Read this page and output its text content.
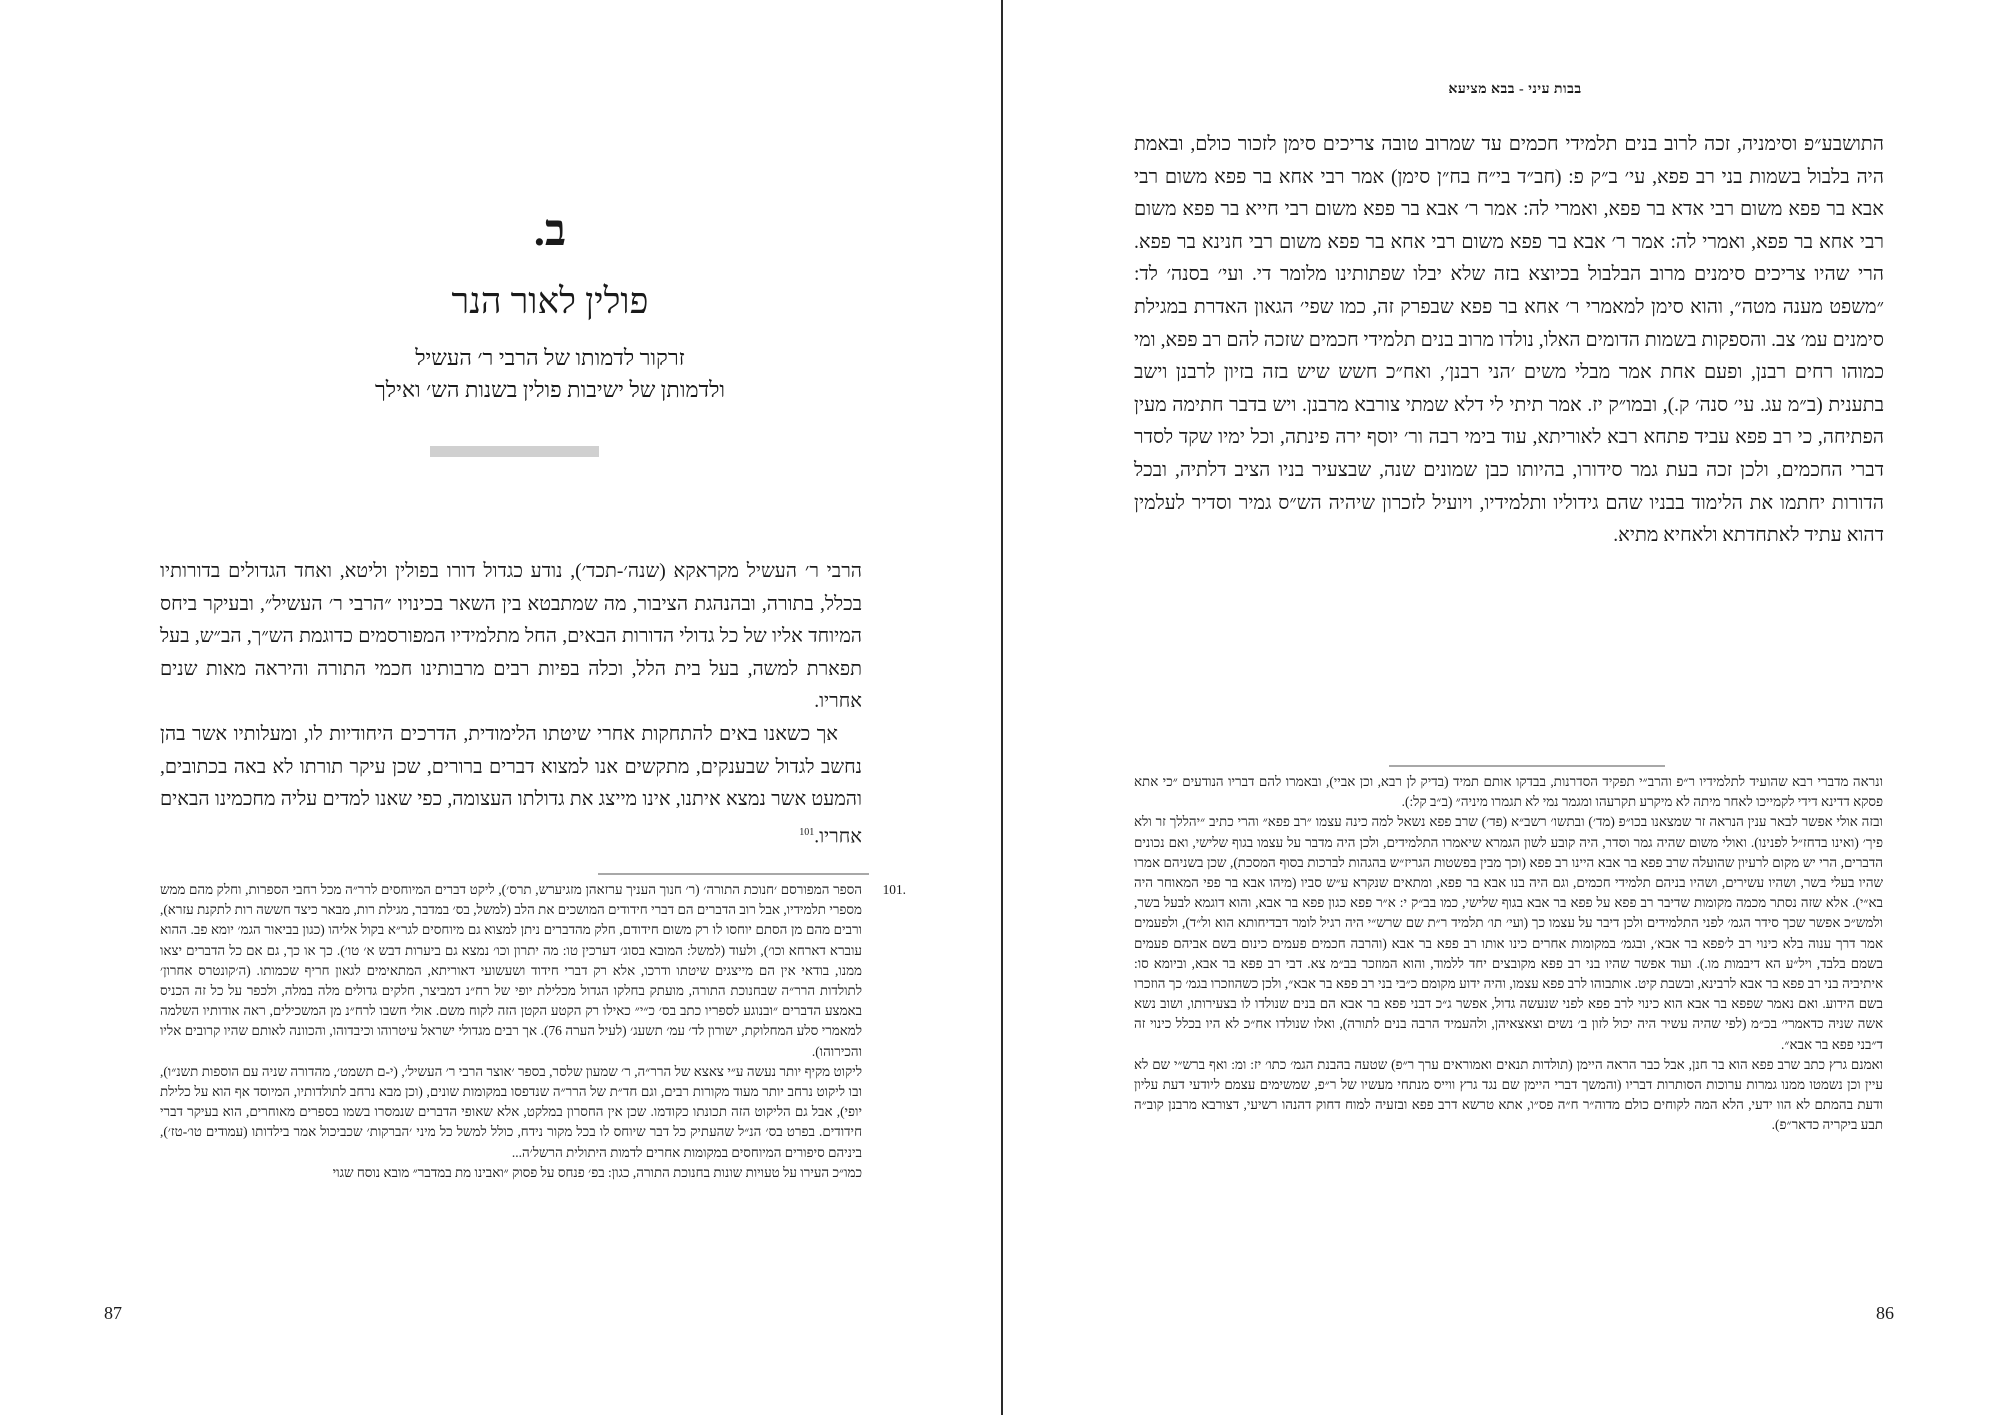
ב.
פולין לאור הנר
זרקור לדמותו של הרבי ר׳ העשיל
ולדמותן של ישיבות פולין בשנות הש׳ ואילך

הרבי ר׳ העשיל מקראקא (שנה׳-תכד׳), נודע כגדול דורו בפולין וליטא, ואחד הגדולים בדורותיו בכלל, בתורה, ובהנהגת הציבור, מה שמתבטא בין השאר בכינויו ״הרבי ר׳ העשיל״, ובעיקר ביחס המיוחד אליו של כל גדולי הדורות הבאים, החל מתלמידיו המפורסמים כדוגמת הש״ך, הב״ש, בעל תפארת למשה, בעל בית הלל, וכלה בפיות רבים מרבותינו חכמי התורה והיראה מאות שנים אחריו.

אך כשאנו באים להתחקות אחרי שיטתו הלימודית, הדרכים היחודיות לו, ומעלותיו אשר בהן נחשב לגדול שבענקים, מתקשים אנו למצוא דברים ברורים, שכן עיקר תורתו לא באה בכתובים, והמעט אשר נמצא איתנו, אינו מייצג את גדולתו העצומה, כפי שאנו למדים עליה מחכמינו הבאים אחריו.$^{101}$

101.

הספר המפורסם ׳חנוכת התורה׳ (ר׳ חנוך העניך ערזאהן מזגיערש, תרס׳), ליקט דברים המיוחסים לרר״ה מכל רחבי הספרות, וחלק מהם ממש מספרי תלמידיו, אבל רוב הדברים הם דברי חידודים המושכים את הלב (למשל, בס׳ במדבר, מגילת רות, מבאר כיצד חששה רות לתקנת עזרא), ורבים מהם מן הסתם יוחסו לו רק משום חידודם, חלק מהדברים ניתן למצוא גם מיוחסים לגר״א בקול אליהו (כגון בביאור הגמ׳ יומא פב. ההוא עוברא דארחא וכו׳), ולעוד (למשל: המובא בסוג׳ דערכין טו: מה יתרון וכו׳ נמצא גם ביערות דבש א׳ טו׳). כך או כך, גם אם כל הדברים יצאו ממנו, בודאי אין הם מייצגים שיטתו ודרכו, אלא רק דברי חידוד ושעשועי דאוריתא, המתאימים לגאון חריף שכמותו. (ה׳קונטרס אחרון׳ לתולדות הרר״ה שבחנוכת התורה, מועתק בחלקו הגדול מכלילת יופי של רח״נ דמביצר, חלקים גדולים מלה במלה, ולכפר על כל זה הכניס באמצע הדברים ״ובנוגע לספריו כתב בס׳ כ״י״ כאילו רק הקטע הקטן הזה לקוח משם. אולי חשבו לרח״נ מן המשכילים, ראה אודותיו השלמה למאמרי סלע המחלוקת, ישורון לד׳ עמ׳ תשעג׳ (לעיל הערה 76). אך רבים מגדולי ישראל עיטרוהו וכיבדוהו, והכוונה לאותם שהיו קרובים אליו והכירוהו).

ליקוט מקיף יותר נעשה ע״י צאצא של הרר״ה, ר׳ שמעון שלסר, בספר ׳אוצר הרבי ר׳ העשיל׳, (י-ם תשמט׳, מהדורה שניה עם הוספות תשנ״ו), ובו ליקוט נרחב יותר מעוד מקורות רבים, וגם חד״ת של הרר״ה שנדפסו במקומות שונים, (וכן מבא נרחב לתולדותיו, המיוסד אף הוא על כלילת יופי), אבל גם הליקוט הזה תכונתו כקודמו. שכן אין החסרון במלקט, אלא שאופי הדברים שנמסרו בשמו בספרים מאוחרים, הוא בעיקר דברי חידודים. בפרט בס׳ הנ״ל שהעתיק כל דבר שיוחס לו בכל מקור נידח, כולל למשל כל מיני ׳הברקות׳ שכביכול אמר בילדותו (עמודים טו׳-טז׳), ביניהם סיפורים המיוחסים במקומות אחרים לדמות היתולית הרשל׳ה...

כמו״כ העירו על טעויות שונות בחנוכת התורה, כגון: בפ׳ פנחס על פסוק ״ואבינו מת במדבר״ מובא נוסח שגוי

87
בבות עיני - בבא מציעא

התושבע״פ וסימניה, זכה לרוב בנים תלמידי חכמים עד שמרוב טובה צריכים סימן לזכור כולם, ובאמת היה בלבול בשמות בני רב פפא, עי׳ ב״ק פ: (חב״ד בי״ח בח״ן סימן) אמר רבי אחא בר פפא משום רבי אבא בר פפא משום רבי אדא בר פפא, ואמרי לה: אמר ר׳ אבא בר פפא משום רבי חייא בר פפא משום רבי אחא בר פפא, ואמרי לה: אמר ר׳ אבא בר פפא משום רבי אחא בר פפא משום רבי חנינא בר פפא. הרי שהיו צריכים סימנים מרוב הבלבול בכיוצא בזה שלא יבלו שפתותינו מלומר די. ועי׳ בסנה׳ לד: ״משפט מענה מטה״, והוא סימן למאמרי ר׳ אחא בר פפא שבפרק זה, כמו שפי׳ הגאון האדרת במגילת סימנים עמ׳ צב. והספקות בשמות הדומים האלו, נולדו מרוב בנים תלמידי חכמים שזכה להם רב פפא, ומי כמוהו רחים רבנן, ופעם אחת אמר מבלי משים ׳הני רבנן׳, ואח״כ חשש שיש בזה בזיון לרבנן וישב בתענית (ב״מ עג. עי׳ סנה׳ ק.), ובמו״ק יז. אמר תיתי לי דלא שמתי צורבא מרבנן. ויש בדבר חתימה מעין הפתיחה, כי רב פפא עביד פתחא רבא לאוריתא, עוד בימי רבה ור׳ יוסף ירה פינתה, וכל ימיו שקד לסדר דברי החכמים, ולכן זכה בעת גמר סידורו, בהיותו כבן שמונים שנה, שבצעיר בניו הציב דלתיה, ובכל הדורות יחתמו את הלימוד בבניו שהם גידוליו ותלמידיו, ויועיל לזכרון שיהיה הש״ס גמיר וסדיר לעלמין דהוא עתיד לאתחדתא ולאחיא מתיא.

ונראה מדברי רבא שהועיד לתלמידיו ר״פ והרב״י תפקיד הסדרנות, בבדקו אותם תמיד (בדיק לן רבא, וכן אביי), ובאמרו להם דבריו הנודעים ״כי אתא פסקא דדינא דידי לקמייכו לאחר מיתה לא מיקרע תקרעהו ומגמר נמי לא תגמרו מיניה״ (ב״ב קל:).

ובזה אולי אפשר לבאר ענין הנראה זר שמצאנו בכו״פ (מד׳) ובתשו׳ רשב״א (פד׳) שרב פפא נשאל למה כינה עצמו ״רב פפא״ והרי כתיב ״יהללך זר ולא פיך׳ (ואינו בדחז״ל לפנינו). ואולי משום שהיה גמר וסדר, היה קובע לשון הגמרא שיאמרו התלמידים, ולכן היה מדבר על עצמו בגוף שלישי, ואם נכונים הדברים, הרי יש מקום לרעיון שהועלה שרב פפא בר אבא היינו רב פפא (וכך מבין בפשטות הגריז״ש בהגהות לברכות בסוף המסכת), שכן בשניהם אמרו שהיו בעלי בשר, ושהיו עשירים, ושהיו בניהם תלמידי חכמים, וגם היה בנו אבא בר פפא, ומתאים שנקרא ע״ש סביו (מיהו אבא בר פפי המאוחר היה בא״י). אלא שזה נסתר מכמה מקומות שדיבר רב פפא על פפא בר אבא בגוף שלישי, כמו בב״ק י: א״ר פפא כגון פפא בר אבא, והוא דוגמא לבעל בשר, ולמש״כ אפשר שכך סידר הגמ׳ לפני התלמידים ולכן דיבר על עצמו כך (ועי׳ תו׳ תלמיד ר״ת שם שרש״י היה רגיל לומר דבדיחותא הוא ול״ד), ולפעמים אמר דרך ענוה בלא כינוי רב ל׳פפא בר אבא׳, ובגמ׳ במקומות אחרים כינו אותו רב פפא בר אבא (והרבה חכמים פעמים כינום בשם אביהם פעמים בשמם בלבד, ויל״ע הא דיבמות מו.). ועוד אפשר שהיו בני רב פפא מקובצים יחד ללמוד, והוא המוזכר בב״מ צא. דבי רב פפא בר אבא, וביומא סו: איתיביה בני רב פפא בר אבא לרבינא, ובשבת קיט. אותבוהו לרב פפא עצמו, והיה ידוע מקומם כ״בי בני רב פפא בר אבא״, ולכן כשהוזכרו בגמ׳ כך הוזכרו בשם הידוע. ואם נאמר שפפא בר אבא הוא כינוי לרב פפא לפני שנעשה גדול, אפשר ג״כ דבני פפא בר אבא הם בנים שנולדו לו בצעירותו, ושוב נשא אשה שניה כדאמרי׳ בכ״מ (לפי שהיה עשיר היה יכול לזון ב׳ נשים וצאצאיהן, ולהעמיד הרבה בנים לתורה), ואלו שנולדו אח״כ לא היו בכלל כינוי זה ד״בני פפא בר אבא״.

ואמנם גרץ כתב שרב פפא הוא בר חנן, אבל כבר הראה היימן (תולדות תנאים ואמוראים ערך ר״פ) שטעה בהבנת הגמ׳ כתו׳ יז: ומ: ואף ברש״י שם לא עיין וכן נשמטו ממנו גמרות ערוכות הסותרות דבריו (והמשך דברי היימן שם נגד גרץ ווייס מנתחי מעשיו של ר״פ, שמשימים עצמם ליודעי דעת עליון ודעת בהמתם לא הוו ידעי, הלא המה לקוחים כולם מדוה״ר ח״ה פס״ו, אתא טרשא דרב פפא ובזעיה למוח דחוק דהנהו רשיעי, דצורבא מרבנן קוב״ה תבע ביקריה כדאר״פ).

86
